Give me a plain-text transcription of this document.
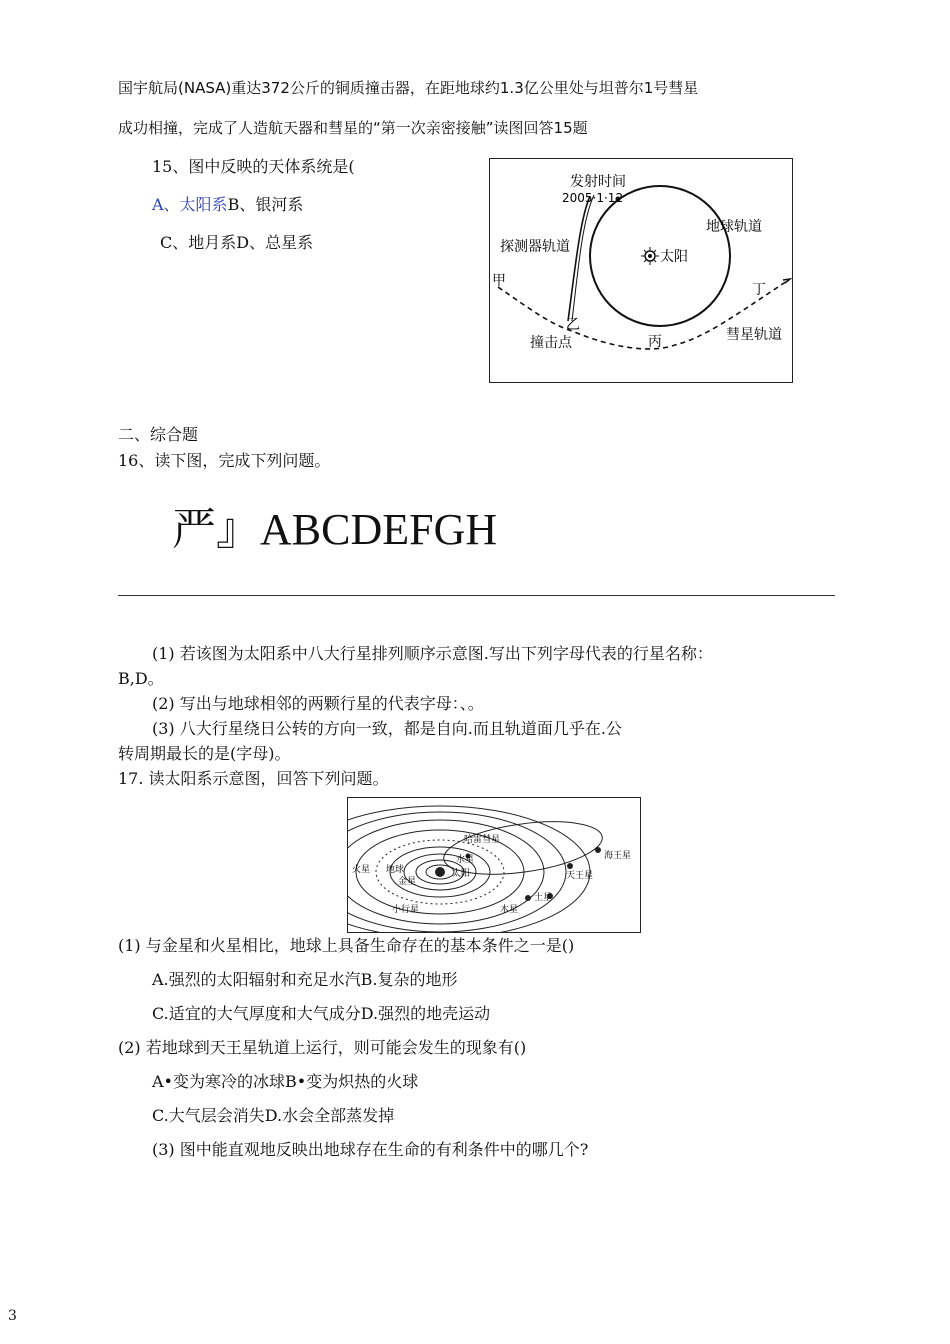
国宇航局(NASA)重达372公斤的铜质撞击器，在距地球约1.3亿公里处与坦普尔1号彗星
成功相撞，完成了人造航天器和彗星的“第一次亲密接触”读图回答15题
15、图中反映的天体系统是(
A、太阳系B、银河系
C、地月系D、总星系
发射时间
2005·1·12
地球轨道
探测器轨道
太阳
甲
乙
丙
丁
撞击点	彗星轨道
二、综合题
16、读下图，完成下列问题。
严』ABCDEFGH
(1) 若该图为太阳系中八大行星排列顺序示意图.写出下列字母代表的行星名称：
B,D。
(2) 写出与地球相邻的两颗行星的代表字母：、。
(3) 八大行星绕日公转的方向一致，都是自向.而且轨道面几乎在.公
转周期最长的是(字母)。
17. 读太阳系示意图，回答下列问题。
哈雷彗星
海王星
火星 地球
水星
金星
太阳	天王星
小行星
土星
木星
(1) 与金星和火星相比，地球上具备生命存在的基本条件之一是()
A.强烈的太阳辐射和充足水汽B.复杂的地形
C.适宜的大气厚度和大气成分D.强烈的地壳运动
(2) 若地球到天王星轨道上运行，则可能会发生的现象有()
A•变为寒冷的冰球B•变为炽热的火球
C.大气层会消失D.水会全部蒸发掉
(3) 图中能直观地反映出地球存在生命的有利条件中的哪几个?
3
